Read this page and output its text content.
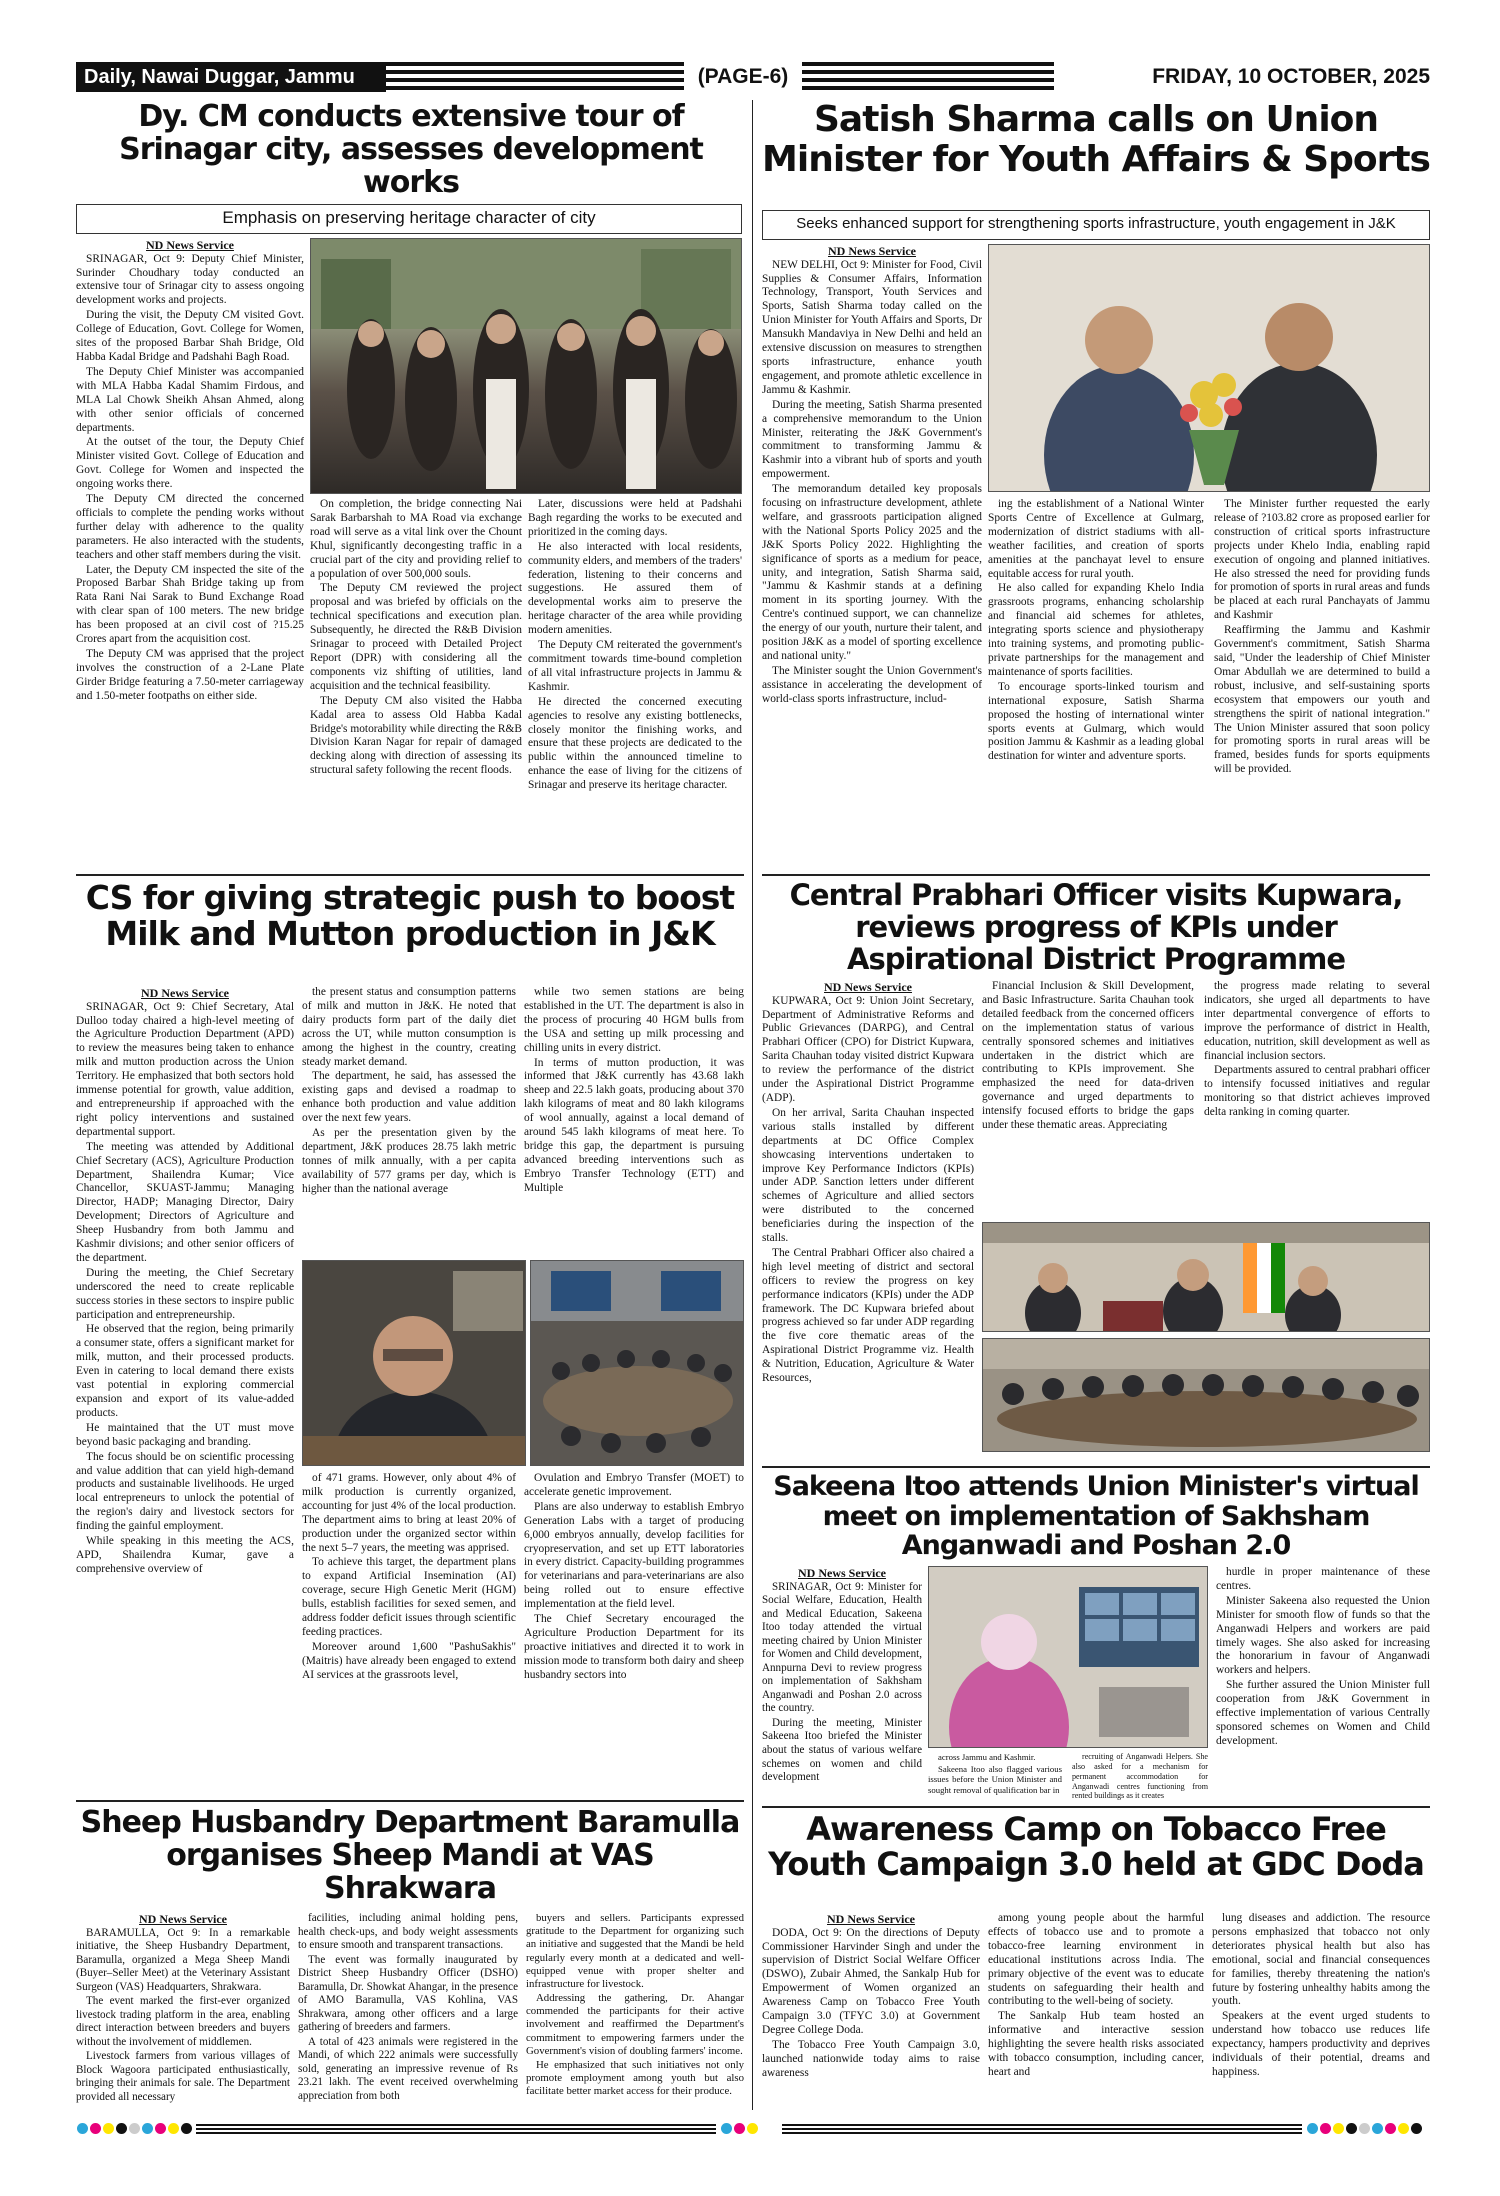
Daily, Nawai Duggar, Jammu	(PAGE-6)	FRIDAY, 10 OCTOBER, 2025
Dy. CM conducts extensive tour of Srinagar city, assesses development works
Emphasis on preserving heritage character of city
ND News Service

SRINAGAR, Oct 9: Deputy Chief Minister, Surinder Choudhary today conducted an extensive tour of Srinagar city to assess ongoing development works and projects.

During the visit, the Deputy CM visited Govt. College of Education, Govt. College for Women, sites of the proposed Barbar Shah Bridge, Old Habba Kadal Bridge and Padshahi Bagh Road.

The Deputy Chief Minister was accompanied with MLA Habba Kadal Shamim Firdous, and MLA Lal Chowk Sheikh Ahsan Ahmed, along with other senior officials of concerned departments.

At the outset of the tour, the Deputy Chief Minister visited Govt. College of Education and Govt. College for Women and inspected the ongoing works there.

The Deputy CM directed the concerned officials to complete the pending works without further delay with adherence to the quality parameters. He also interacted with the students, teachers and other staff members during the visit.

Later, the Deputy CM inspected the site of the Proposed Barbar Shah Bridge taking up from Rata Rani Nai Sarak to Bund Exchange Road with clear span of 100 meters. The new bridge has been proposed at an civil cost of ?15.25 Crores apart from the acquisition cost.

The Deputy CM was apprised that the project involves the construction of a 2-Lane Plate Girder Bridge featuring a 7.50-meter carriageway and 1.50-meter footpaths on either side.

On completion, the bridge connecting Nai Sarak Barbarshah to MA Road via exchange road will serve as a vital link over the Chount Khul, significantly decongesting traffic in a crucial part of the city and providing relief to a population of over 500,000 souls.

The Deputy CM reviewed the project proposal and was briefed by officials on the technical specifications and execution plan. Subsequently, he directed the R&B Division Srinagar to proceed with Detailed Project Report (DPR) with considering all the components viz shifting of utilities, land acquisition and the technical feasibility.

The Deputy CM also visited the Habba Kadal area to assess Old Habba Kadal Bridge's motorability while directing the R&B Division Karan Nagar for repair of damaged decking along with direction of assessing its structural safety following the recent floods.

Later, discussions were held at Padshahi Bagh regarding the works to be executed and prioritized in the coming days.

He also interacted with local residents, community elders, and members of the traders' federation, listening to their concerns and suggestions. He assured them of developmental works aim to preserve the heritage character of the area while providing modern amenities.

The Deputy CM reiterated the government's commitment towards time-bound completion of all vital infrastructure projects in Jammu & Kashmir.

He directed the concerned executing agencies to resolve any existing bottlenecks, closely monitor the finishing works, and ensure that these projects are dedicated to the public within the announced timeline to enhance the ease of living for the citizens of Srinagar and preserve its heritage character.

Satish Sharma calls on Union Minister for Youth Affairs & Sports
Seeks enhanced support for strengthening sports infrastructure, youth engagement in J&K
ND News Service

NEW DELHI, Oct 9: Minister for Food, Civil Supplies & Consumer Affairs, Information Technology, Transport, Youth Services and Sports, Satish Sharma today called on the Union Minister for Youth Affairs and Sports, Dr Mansukh Mandaviya in New Delhi and held an extensive discussion on measures to strengthen sports infrastructure, enhance youth engagement, and promote athletic excellence in Jammu & Kashmir.

During the meeting, Satish Sharma presented a comprehensive memorandum to the Union Minister, reiterating the J&K Government's commitment to transforming Jammu & Kashmir into a vibrant hub of sports and youth empowerment.

The memorandum detailed key proposals focusing on infrastructure development, athlete welfare, and grassroots participation aligned with the National Sports Policy 2025 and the J&K Sports Policy 2022. Highlighting the significance of sports as a medium for peace, unity, and integration, Satish Sharma said, "Jammu & Kashmir stands at a defining moment in its sporting journey. With the Centre's continued support, we can channelize the energy of our youth, nurture their talent, and position J&K as a model of sporting excellence and national unity."

The Minister sought the Union Government's assistance in accelerating the development of world-class sports infrastructure, includ-

ing the establishment of a National Winter Sports Centre of Excellence at Gulmarg, modernization of district stadiums with all-weather facilities, and creation of sports amenities at the panchayat level to ensure equitable access for rural youth.

He also called for expanding Khelo India grassroots programs, enhancing scholarship and financial aid schemes for athletes, integrating sports science and physiotherapy into training systems, and promoting public-private partnerships for the management and maintenance of sports facilities.

To encourage sports-linked tourism and international exposure, Satish Sharma proposed the hosting of international winter sports events at Gulmarg, which would position Jammu & Kashmir as a leading global destination for winter and adventure sports.

The Minister further requested the early release of ?103.82 crore as proposed earlier for construction of critical sports infrastructure projects under Khelo India, enabling rapid execution of ongoing and planned initiatives. He also stressed the need for providing funds for promotion of sports in rural areas and funds be placed at each rural Panchayats of Jammu and Kashmir

Reaffirming the Jammu and Kashmir Government's commitment, Satish Sharma said, "Under the leadership of Chief Minister Omar Abdullah we are determined to build a robust, inclusive, and self-sustaining sports ecosystem that empowers our youth and strengthens the spirit of national integration." The Union Minister assured that soon policy for promoting sports in rural areas will be framed, besides funds for sports equipments will be provided.

CS for giving strategic push to boost Milk and Mutton production in J&K
ND News Service

SRINAGAR, Oct 9: Chief Secretary, Atal Dulloo today chaired a high-level meeting of the Agriculture Production Department (APD) to review the measures being taken to enhance milk and mutton production across the Union Territory. He emphasized that both sectors hold immense potential for growth, value addition, and entrepreneurship if approached with the right policy interventions and sustained departmental support.

The meeting was attended by Additional Chief Secretary (ACS), Agriculture Production Department, Shailendra Kumar; Vice Chancellor, SKUAST-Jammu; Managing Director, HADP; Managing Director, Dairy Development; Directors of Agriculture and Sheep Husbandry from both Jammu and Kashmir divisions; and other senior officers of the department.

During the meeting, the Chief Secretary underscored the need to create replicable success stories in these sectors to inspire public participation and entrepreneurship.

He observed that the region, being primarily a consumer state, offers a significant market for milk, mutton, and their processed products. Even in catering to local demand there exists vast potential in exploring commercial expansion and export of its value-added products.

He maintained that the UT must move beyond basic packaging and branding.

The focus should be on scientific processing and value addition that can yield high-demand products and sustainable livelihoods. He urged local entrepreneurs to unlock the potential of the region's dairy and livestock sectors for finding the gainful employment.

While speaking in this meeting the ACS, APD, Shailendra Kumar, gave a comprehensive overview of

the present status and consumption patterns of milk and mutton in J&K. He noted that dairy products form part of the daily diet across the UT, while mutton consumption is among the highest in the country, creating steady market demand.

The department, he said, has assessed the existing gaps and devised a roadmap to enhance both production and value addition over the next few years.

As per the presentation given by the department, J&K produces 28.75 lakh metric tonnes of milk annually, with a per capita availability of 577 grams per day, which is higher than the national average

while two semen stations are being established in the UT. The department is also in the process of procuring 40 HGM bulls from the USA and setting up milk processing and chilling units in every district.

In terms of mutton production, it was informed that J&K currently has 43.68 lakh sheep and 22.5 lakh goats, producing about 370 lakh kilograms of meat and 80 lakh kilograms of wool annually, against a local demand of around 545 lakh kilograms of meat here. To bridge this gap, the department is pursuing advanced breeding interventions such as Embryo Transfer Technology (ETT) and Multiple

of 471 grams. However, only about 4% of milk production is currently organized, accounting for just 4% of the local production. The department aims to bring at least 20% of production under the organized sector within the next 5–7 years, the meeting was apprised.

To achieve this target, the department plans to expand Artificial Insemination (AI) coverage, secure High Genetic Merit (HGM) bulls, establish facilities for sexed semen, and address fodder deficit issues through scientific feeding practices.

Moreover around 1,600 "PashuSakhis" (Maitris) have already been engaged to extend AI services at the grassroots level,

Ovulation and Embryo Transfer (MOET) to accelerate genetic improvement.

Plans are also underway to establish Embryo Generation Labs with a target of producing 6,000 embryos annually, develop facilities for cryopreservation, and set up ETT laboratories in every district. Capacity-building programmes for veterinarians and para-veterinarians are also being rolled out to ensure effective implementation at the field level.

The Chief Secretary encouraged the Agriculture Production Department for its proactive initiatives and directed it to work in mission mode to transform both dairy and sheep husbandry sectors into

Central Prabhari Officer visits Kupwara, reviews progress of KPIs under Aspirational District Programme
ND News Service

KUPWARA, Oct 9: Union Joint Secretary, Department of Administrative Reforms and Public Grievances (DARPG), and Central Prabhari Officer (CPO) for District Kupwara, Sarita Chauhan today visited district Kupwara to review the performance of the district under the Aspirational District Programme (ADP).

On her arrival, Sarita Chauhan inspected various stalls installed by different departments at DC Office Complex showcasing interventions undertaken to improve Key Performance Indictors (KPIs) under ADP. Sanction letters under different schemes of Agriculture and allied sectors were distributed to the concerned beneficiaries during the inspection of the stalls.

The Central Prabhari Officer also chaired a high level meeting of district and sectoral officers to review the progress on key performance indicators (KPIs) under the ADP framework. The DC Kupwara briefed about progress achieved so far under ADP regarding the five core thematic areas of the Aspirational District Programme viz. Health & Nutrition, Education, Agriculture & Water Resources,

Financial Inclusion & Skill Development, and Basic Infrastructure. Sarita Chauhan took detailed feedback from the concerned officers on the implementation status of various centrally sponsored schemes and initiatives undertaken in the district which are contributing to KPIs improvement. She emphasized the need for data-driven governance and urged departments to intensify focused efforts to bridge the gaps under these thematic areas. Appreciating

the progress made relating to several indicators, she urged all departments to have inter departmental convergence of efforts to improve the performance of district in Health, education, nutrition, skill development as well as financial inclusion sectors.

Departments assured to central prabhari officer to intensify focussed initiatives and regular monitoring so that district achieves improved delta ranking in coming quarter.

Sakeena Itoo attends Union Minister's virtual meet on implementation of Sakhsham Anganwadi and Poshan 2.0
ND News Service

SRINAGAR, Oct 9: Minister for Social Welfare, Education, Health and Medical Education, Sakeena Itoo today attended the virtual meeting chaired by Union Minister for Women and Child development, Annpurna Devi to review progress on implementation of Sakhsham Anganwadi and Poshan 2.0 across the country.

During the meeting, Minister Sakeena Itoo briefed the Minister about the status of various welfare schemes on women and child development

across Jammu and Kashmir.

Sakeena Itoo also flagged various issues before the Union Minister and sought removal of qualification bar in

recruiting of Anganwadi Helpers. She also asked for a mechanism for permanent accommodation for Anganwadi centres functioning from rented buildings as it creates

hurdle in proper maintenance of these centres.

Minister Sakeena also requested the Union Minister for smooth flow of funds so that the Anganwadi Helpers and workers are paid timely wages. She also asked for increasing the honorarium in favour of Anganwadi workers and helpers.

She further assured the Union Minister full cooperation from J&K Government in effective implementation of various Centrally sponsored schemes on Women and Child development.

Sheep Husbandry Department Baramulla organises Sheep Mandi at VAS Shrakwara
ND News Service

BARAMULLA, Oct 9: In a remarkable initiative, the Sheep Husbandry Department, Baramulla, organized a Mega Sheep Mandi (Buyer–Seller Meet) at the Veterinary Assistant Surgeon (VAS) Headquarters, Shrakwara.

The event marked the first-ever organized livestock trading platform in the area, enabling direct interaction between breeders and buyers without the involvement of middlemen.

Livestock farmers from various villages of Block Wagoora participated enthusiastically, bringing their animals for sale. The Department provided all necessary

facilities, including animal holding pens, health check-ups, and body weight assessments to ensure smooth and transparent transactions.

The event was formally inaugurated by District Sheep Husbandry Officer (DSHO) Baramulla, Dr. Showkat Ahangar, in the presence of AMO Baramulla, VAS Kohlina, VAS Shrakwara, among other officers and a large gathering of breeders and farmers.

A total of 423 animals were registered in the Mandi, of which 222 animals were successfully sold, generating an impressive revenue of Rs 23.21 lakh. The event received overwhelming appreciation from both

buyers and sellers. Participants expressed gratitude to the Department for organizing such an initiative and suggested that the Mandi be held regularly every month at a dedicated and well-equipped venue with proper shelter and infrastructure for livestock.

Addressing the gathering, Dr. Ahangar commended the participants for their active involvement and reaffirmed the Department's commitment to empowering farmers under the Government's vision of doubling farmers' income.

He emphasized that such initiatives not only promote employment among youth but also facilitate better market access for their produce.

Awareness Camp on Tobacco Free Youth Campaign 3.0 held at GDC Doda
ND News Service

DODA, Oct 9: On the directions of Deputy Commissioner Harvinder Singh and under the supervision of District Social Welfare Officer (DSWO), Zubair Ahmed, the Sankalp Hub for Empowerment of Women organized an Awareness Camp on Tobacco Free Youth Campaign 3.0 (TFYC 3.0) at Government Degree College Doda.

The Tobacco Free Youth Campaign 3.0, launched nationwide today aims to raise awareness

among young people about the harmful effects of tobacco use and to promote a tobacco-free learning environment in educational institutions across India. The primary objective of the event was to educate students on safeguarding their health and contributing to the well-being of society.

The Sankalp Hub team hosted an informative and interactive session highlighting the severe health risks associated with tobacco consumption, including cancer, heart and

lung diseases and addiction. The resource persons emphasized that tobacco not only deteriorates physical health but also has emotional, social and financial consequences for families, thereby threatening the nation's future by fostering unhealthy habits among the youth.

Speakers at the event urged students to understand how tobacco use reduces life expectancy, hampers productivity and deprives individuals of their potential, dreams and happiness.
